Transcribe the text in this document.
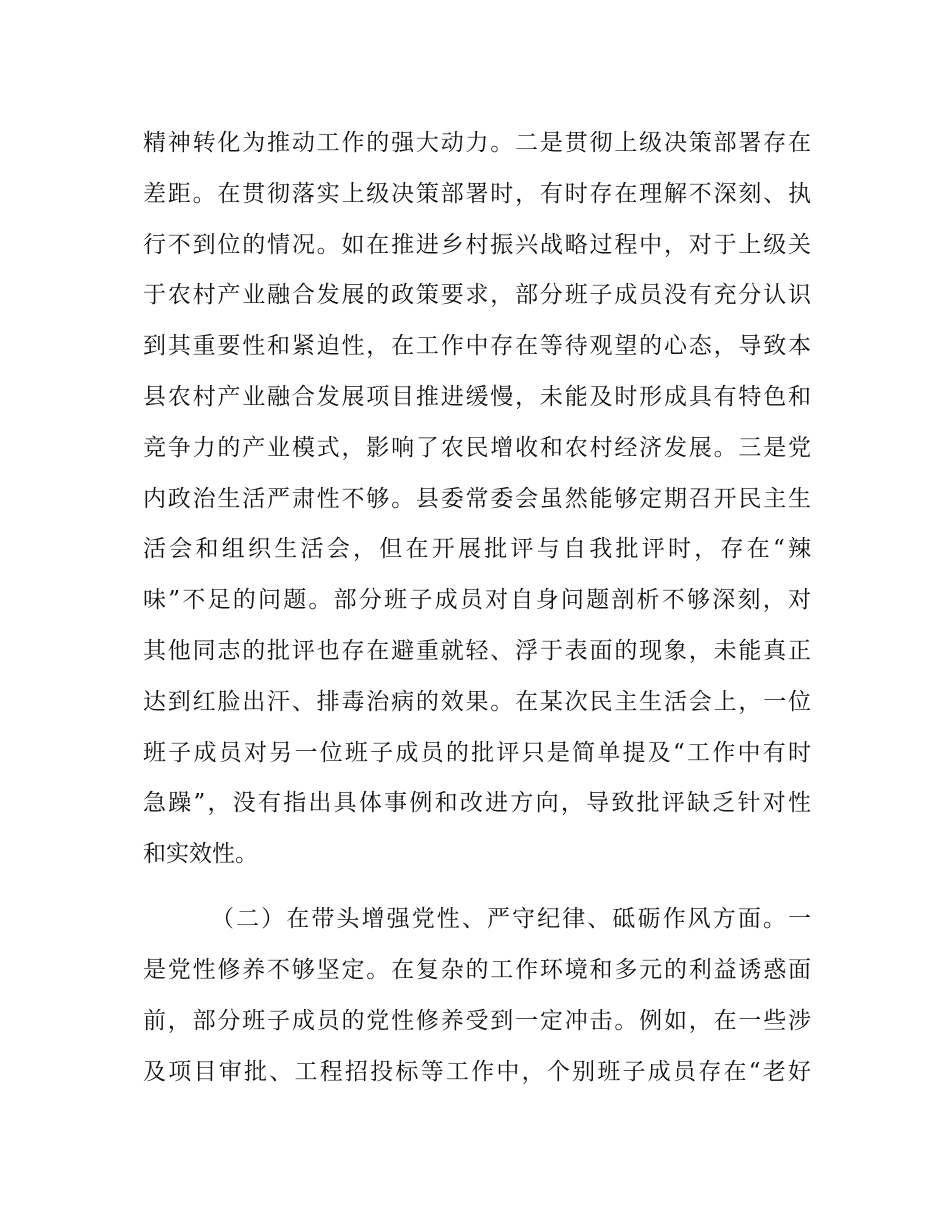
精神转化为推动工作的强大动力。二是贯彻上级决策部署存在
差距。在贯彻落实上级决策部署时，有时存在理解不深刻、执
行不到位的情况。如在推进乡村振兴战略过程中，对于上级关
于农村产业融合发展的政策要求，部分班子成员没有充分认识
到其重要性和紧迫性，在工作中存在等待观望的心态，导致本
县农村产业融合发展项目推进缓慢，未能及时形成具有特色和
竞争力的产业模式，影响了农民增收和农村经济发展。三是党
内政治生活严肃性不够。县委常委会虽然能够定期召开民主生
活会和组织生活会，但在开展批评与自我批评时，存在“辣
味”不足的问题。部分班子成员对自身问题剖析不够深刻，对
其他同志的批评也存在避重就轻、浮于表面的现象，未能真正
达到红脸出汗、排毒治病的效果。在某次民主生活会上，一位
班子成员对另一位班子成员的批评只是简单提及“工作中有时
急躁”，没有指出具体事例和改进方向，导致批评缺乏针对性
和实效性。
（二）在带头增强党性、严守纪律、砥砺作风方面。一
是党性修养不够坚定。在复杂的工作环境和多元的利益诱惑面
前，部分班子成员的党性修养受到一定冲击。例如，在一些涉
及项目审批、工程招投标等工作中，个别班子成员存在“老好
